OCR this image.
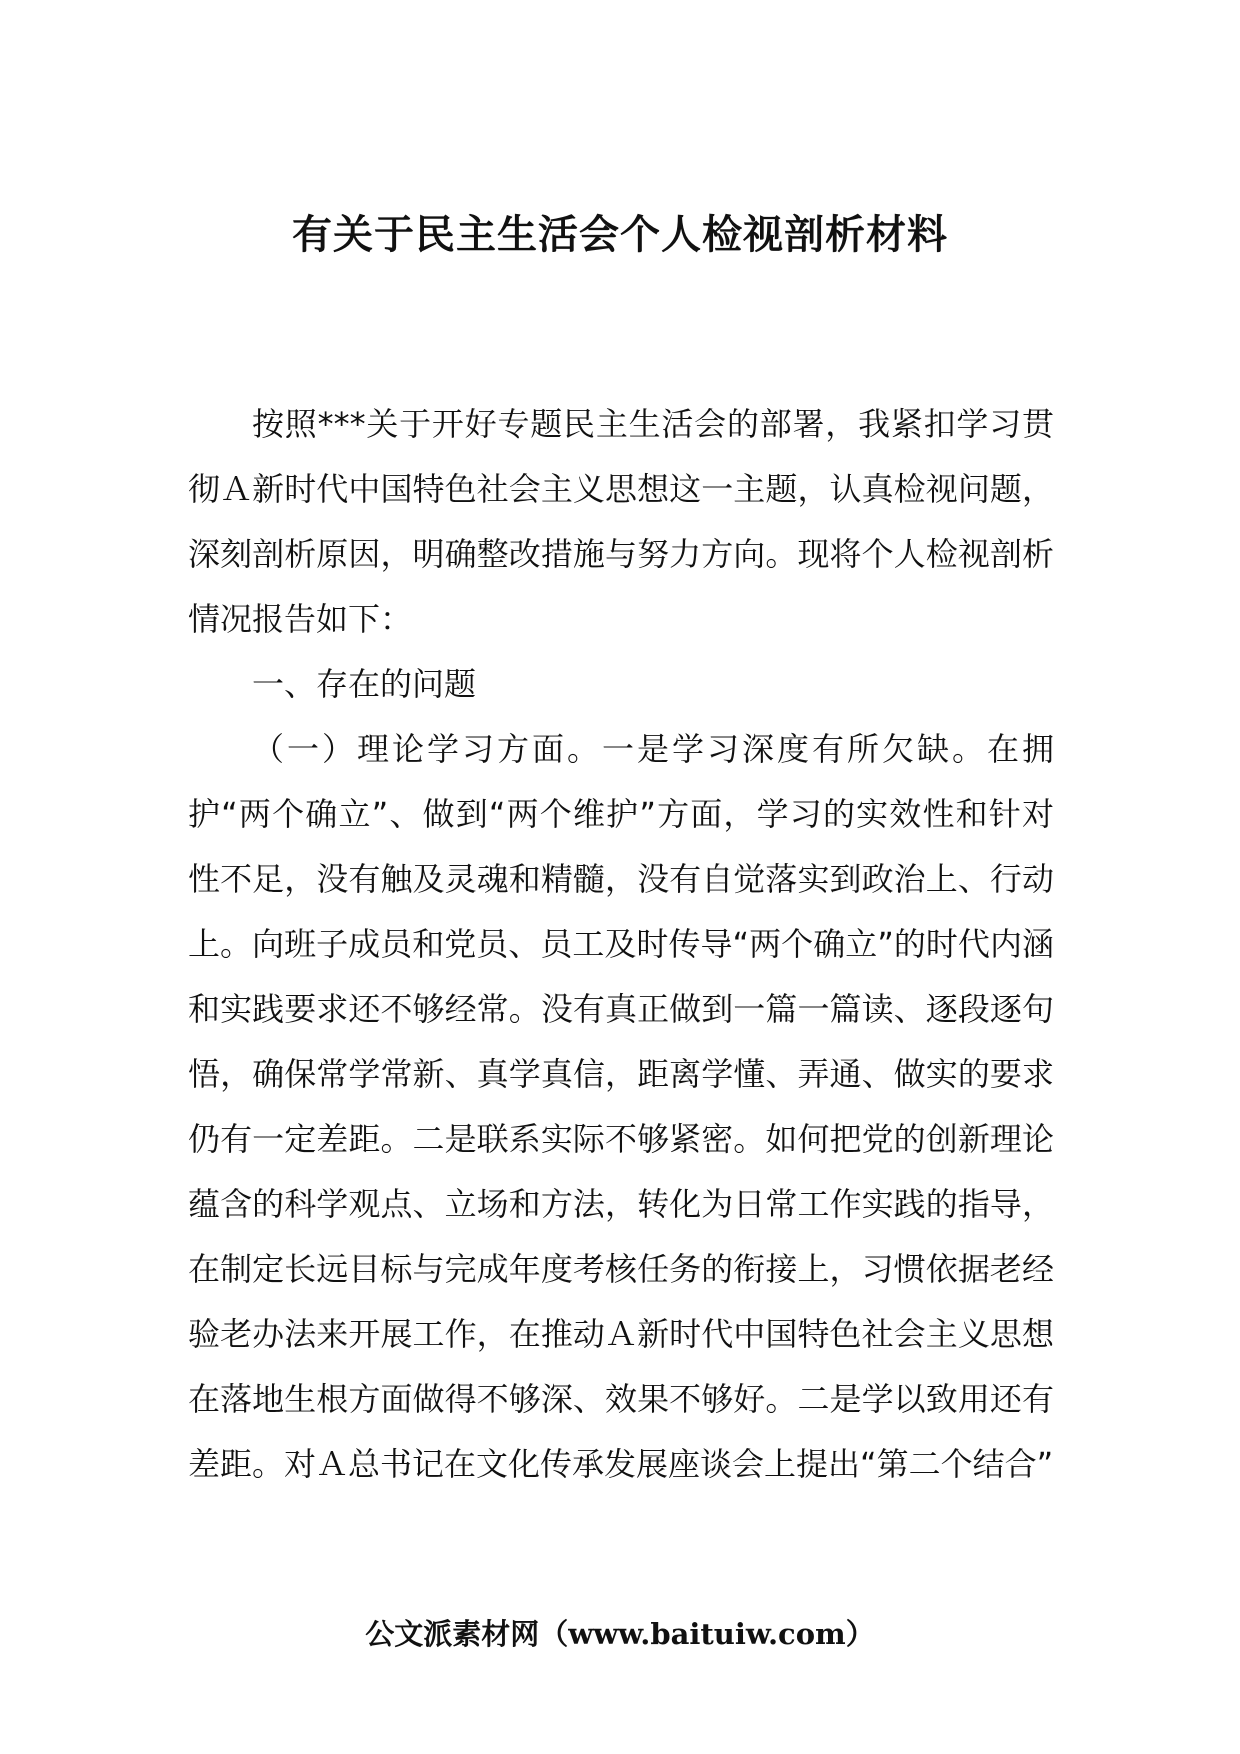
有关于民主生活会个人检视剖析材料

按照***关于开好专题民主生活会的部署，我紧扣学习贯彻Ａ新时代中国特色社会主义思想这一主题，认真检视问题，深刻剖析原因，明确整改措施与努力方向。现将个人检视剖析情况报告如下：

一、存在的问题

（一）理论学习方面。一是学习深度有所欠缺。在拥护“两个确立”、做到“两个维护”方面，学习的实效性和针对性不足，没有触及灵魂和精髓，没有自觉落实到政治上、行动上。向班子成员和党员、员工及时传导“两个确立”的时代内涵和实践要求还不够经常。没有真正做到一篇一篇读、逐段逐句悟，确保常学常新、真学真信，距离学懂、弄通、做实的要求仍有一定差距。二是联系实际不够紧密。如何把党的创新理论蕴含的科学观点、立场和方法，转化为日常工作实践的指导，在制定长远目标与完成年度考核任务的衔接上，习惯依据老经验老办法来开展工作，在推动Ａ新时代中国特色社会主义思想在落地生根方面做得不够深、效果不够好。二是学以致用还有差距。对Ａ总书记在文化传承发展座谈会上提出“第二个结合”

公文派素材网（www.baituiw.com）
